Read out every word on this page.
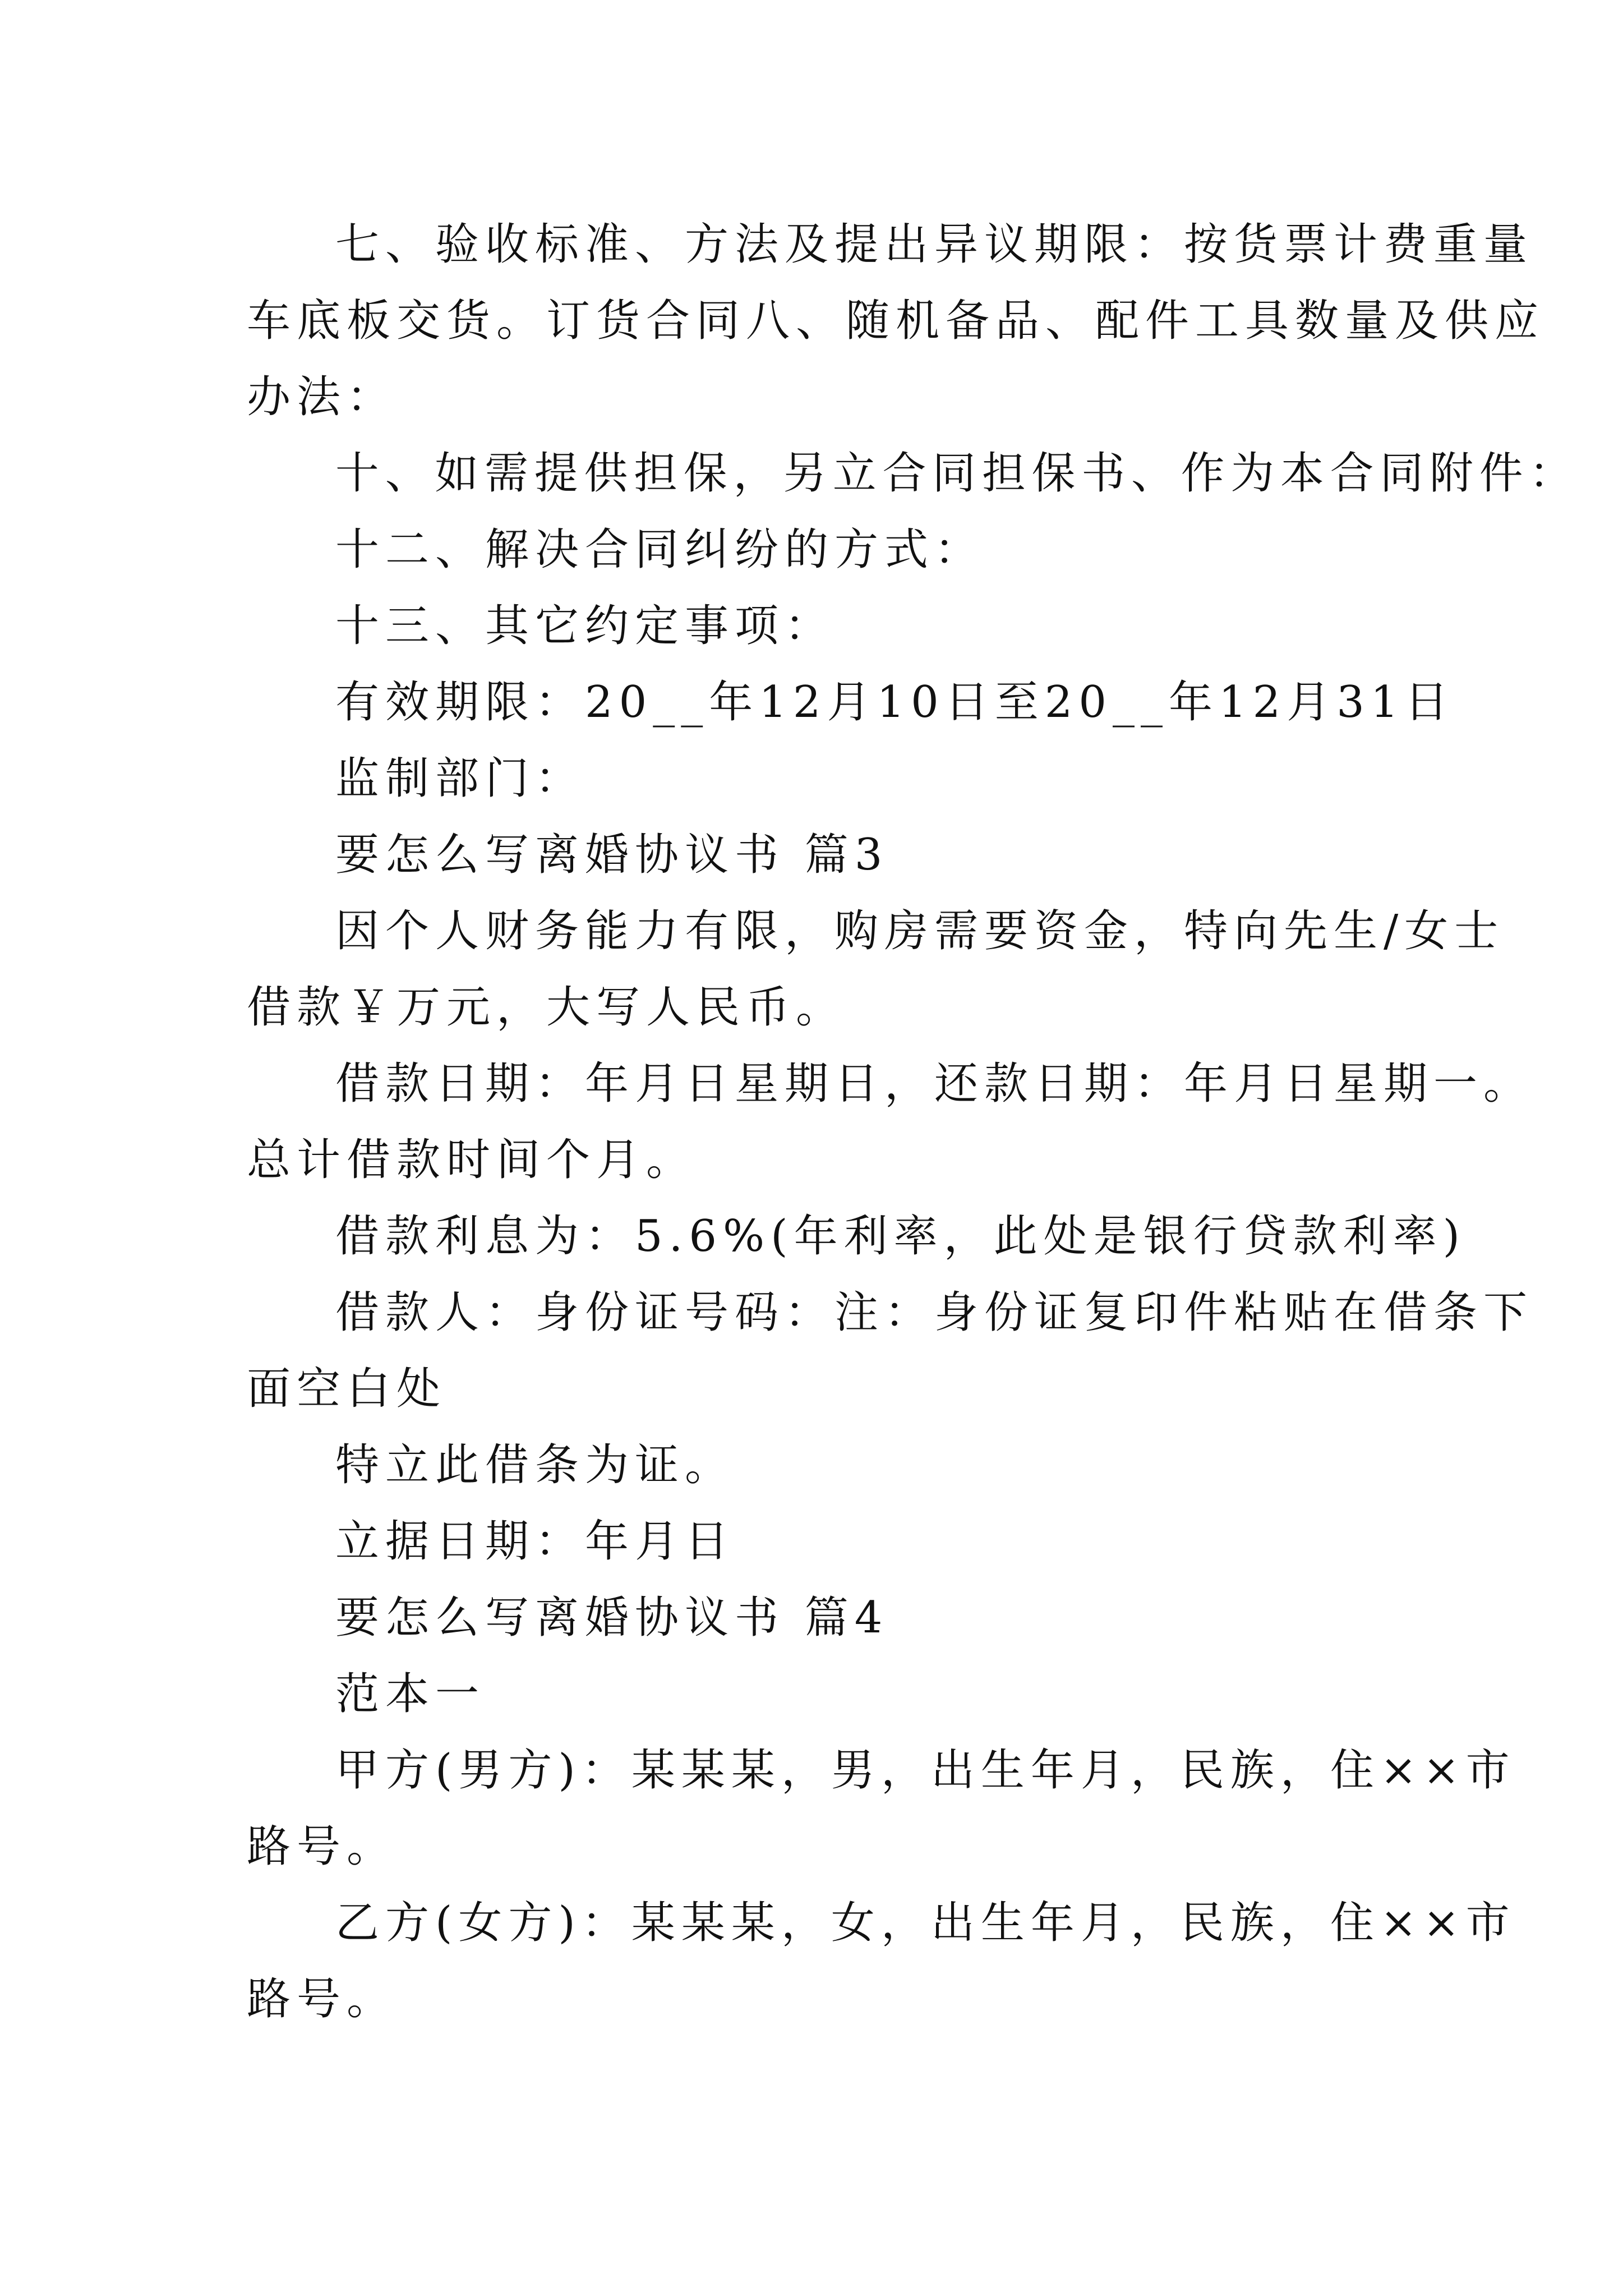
七、验收标准、方法及提出异议期限：按货票计费重量

车底板交货。订货合同八、随机备品、配件工具数量及供应

办法：

十、如需提供担保，另立合同担保书、作为本合同附件：

十二、解决合同纠纷的方式：

十三、其它约定事项：

有效期限：20__年12月10日至20__年12月31日

监制部门：

要怎么写离婚协议书 篇3

因个人财务能力有限，购房需要资金，特向先生/女士

借款￥万元，大写人民币。

借款日期：年月日星期日，还款日期：年月日星期一。

总计借款时间个月。

借款利息为：5.6%(年利率，此处是银行贷款利率)

借款人：身份证号码：注：身份证复印件粘贴在借条下

面空白处

特立此借条为证。

立据日期：年月日

要怎么写离婚协议书 篇4

范本一

甲方(男方)：某某某，男，出生年月，民族，住××市

路号。

乙方(女方)：某某某，女，出生年月，民族，住××市

路号。
